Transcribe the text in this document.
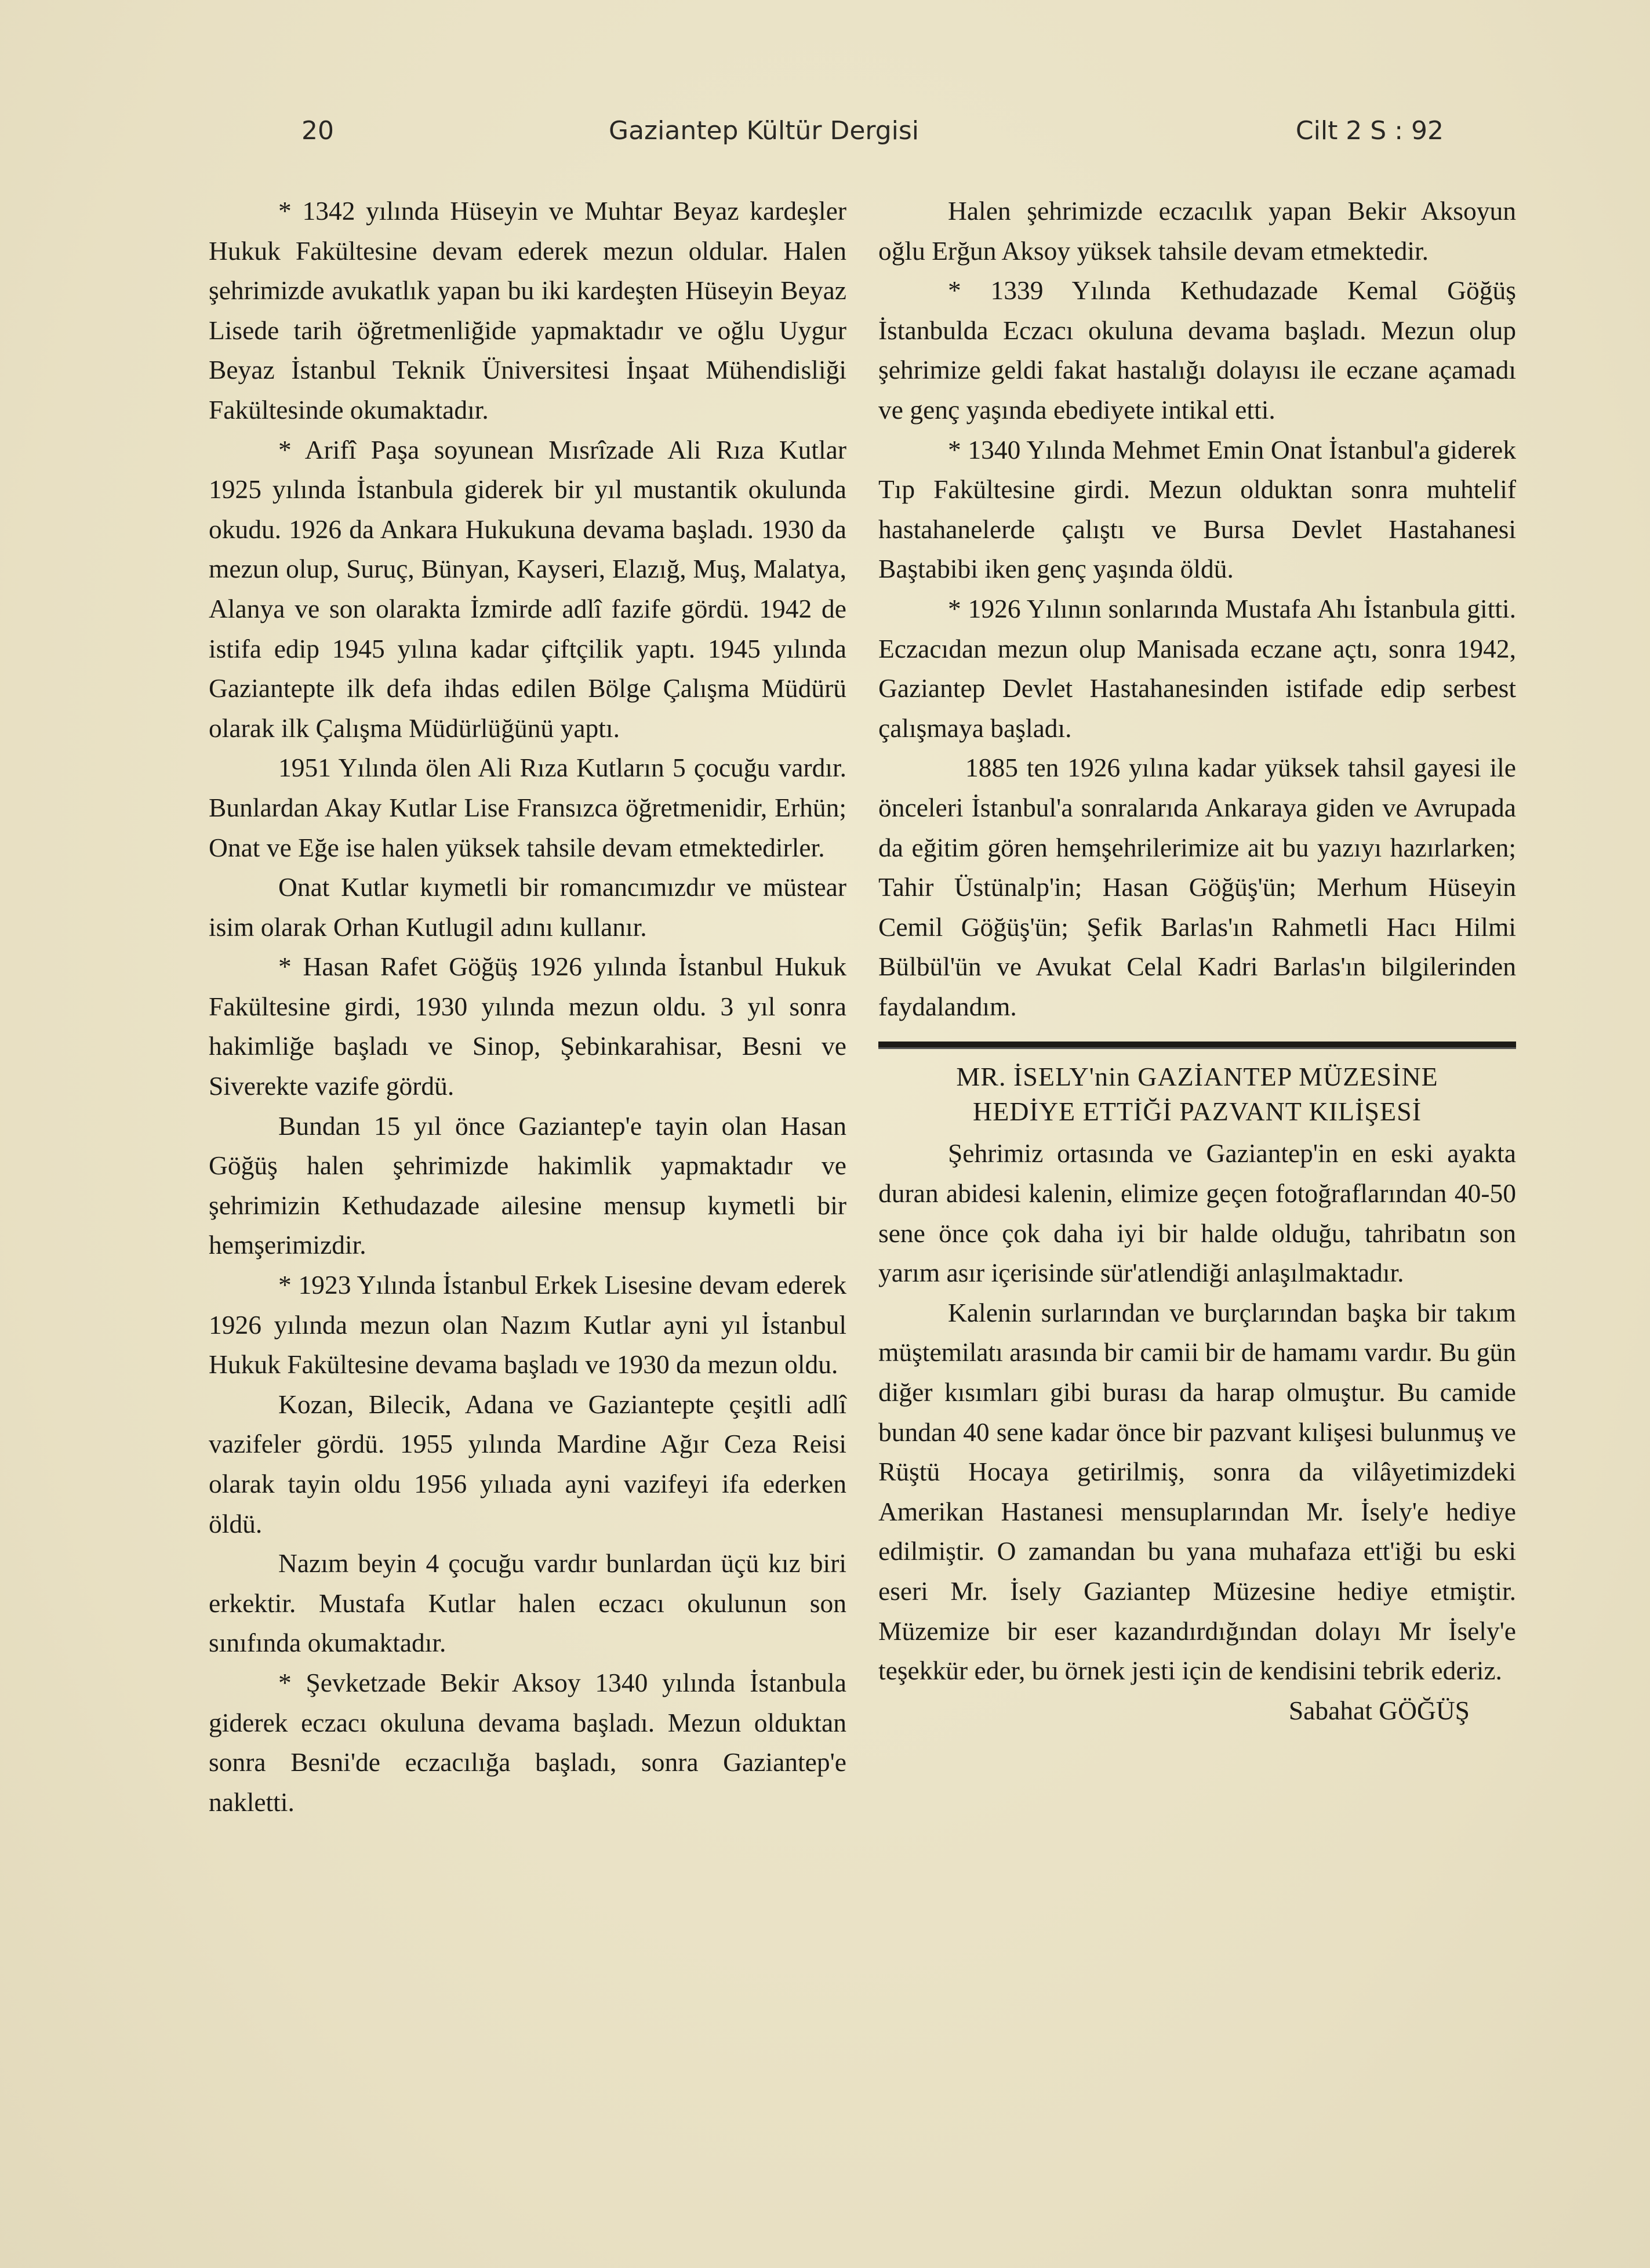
20	Gaziantep Kültür Dergisi	Cilt 2 S : 92

* 1342 yılında Hüseyin ve Muhtar Beyaz kardeşler Hukuk Fakültesine devam ederek mezun oldular. Halen şehrimizde avukatlık yapan bu iki kardeşten Hüseyin Beyaz Lisede tarih öğretmenliğide yapmaktadır ve oğlu Uygur Beyaz İstanbul Teknik Üniversitesi İnşaat Mühendisliği Fakültesinde okumaktadır.

* Arifî Paşa soyunean Mısrîzade Ali Rıza Kutlar 1925 yılında İstanbula giderek bir yıl mustantik okulunda okudu. 1926 da Ankara Hukukuna devama başladı. 1930 da mezun olup, Suruç, Bünyan, Kayseri, Elazığ, Muş, Malatya, Alanya ve son olarakta İzmirde adlî fazife gördü. 1942 de istifa edip 1945 yılına kadar çiftçilik yaptı. 1945 yılında Gaziantepte ilk defa ihdas edilen Bölge Çalışma Müdürü olarak ilk Çalışma Müdürlüğünü yaptı.

1951 Yılında ölen Ali Rıza Kutların 5 çocuğu vardır. Bunlardan Akay Kutlar Lise Fransızca öğretmenidir, Erhün; Onat ve Eğe ise halen yüksek tahsile devam etmektedirler.

Onat Kutlar kıymetli bir romancımızdır ve müstear isim olarak Orhan Kutlugil adını kullanır.

* Hasan Rafet Göğüş 1926 yılında İstanbul Hukuk Fakültesine girdi, 1930 yılında mezun oldu. 3 yıl sonra hakimliğe başladı ve Sinop, Şebinkarahisar, Besni ve Siverekte vazife gördü.

Bundan 15 yıl önce Gaziantep'e tayin olan Hasan Göğüş halen şehrimizde hakimlik yapmaktadır ve şehrimizin Kethudazade ailesine mensup kıymetli bir hemşerimizdir.

* 1923 Yılında İstanbul Erkek Lisesine devam ederek 1926 yılında mezun olan Nazım Kutlar ayni yıl İstanbul Hukuk Fakültesine devama başladı ve 1930 da mezun oldu.

Kozan, Bilecik, Adana ve Gaziantepte çeşitli adlî vazifeler gördü. 1955 yılında Mardine Ağır Ceza Reisi olarak tayin oldu 1956 yılıada ayni vazifeyi ifa ederken öldü.

Nazım beyin 4 çocuğu vardır bunlardan üçü kız biri erkektir. Mustafa Kutlar halen eczacı okulunun son sınıfında okumaktadır.

* Şevketzade Bekir Aksoy 1340 yılında İstanbula giderek eczacı okuluna devama başladı. Mezun olduktan sonra Besni'de eczacılığa başladı, sonra Gaziantep'e nakletti.

Halen şehrimizde eczacılık yapan Bekir Aksoyun oğlu Erğun Aksoy yüksek tahsile devam etmektedir.

* 1339 Yılında Kethudazade Kemal Göğüş İstanbulda Eczacı okuluna devama başladı. Mezun olup şehrimize geldi fakat hastalığı dolayısı ile eczane açamadı ve genç yaşında ebediyete intikal etti.

* 1340 Yılında Mehmet Emin Onat İstanbul'a giderek Tıp Fakültesine girdi. Mezun olduktan sonra muhtelif hastahanelerde çalıştı ve Bursa Devlet Hastahanesi Baştabibi iken genç yaşında öldü.

* 1926 Yılının sonlarında Mustafa Ahı İstanbula gitti. Eczacıdan mezun olup Manisada eczane açtı, sonra 1942, Gaziantep Devlet Hastahanesinden istifade edip serbest çalışmaya başladı.

1885 ten 1926 yılına kadar yüksek tahsil gayesi ile önceleri İstanbul'a sonralarıda Ankaraya giden ve Avrupada da eğitim gören hemşehrilerimize ait bu yazıyı hazırlarken; Tahir Üstünalp'in; Hasan Göğüş'ün; Merhum Hüseyin Cemil Göğüş'ün; Şefik Barlas'ın Rahmetli Hacı Hilmi Bülbül'ün ve Avukat Celal Kadri Barlas'ın bilgilerinden faydalandım.

MR. İSELY'nin GAZİANTEP MÜZESİNE
HEDİYE ETTİĞİ PAZVANT KILİŞESİ

Şehrimiz ortasında ve Gaziantep'in en eski ayakta duran abidesi kalenin, elimize geçen fotoğraflarından 40-50 sene önce çok daha iyi bir halde olduğu, tahribatın son yarım asır içerisinde sür'atlendiği anlaşılmaktadır.

Kalenin surlarından ve burçlarından başka bir takım müştemilatı arasında bir camii bir de hamamı vardır. Bu gün diğer kısımları gibi burası da harap olmuştur. Bu camide bundan 40 sene kadar önce bir pazvant kılişesi bulunmuş ve Rüştü Hocaya getirilmiş, sonra da vilâyetimizdeki Amerikan Hastanesi mensuplarından Mr. İsely'e hediye edilmiştir. O zamandan bu yana muhafaza ett'iği bu eski eseri Mr. İsely Gaziantep Müzesine hediye etmiştir. Müzemize bir eser kazandırdığından dolayı Mr İsely'e teşekkür eder, bu örnek jesti için de kendisini tebrik ederiz.

Sabahat GÖĞÜŞ
